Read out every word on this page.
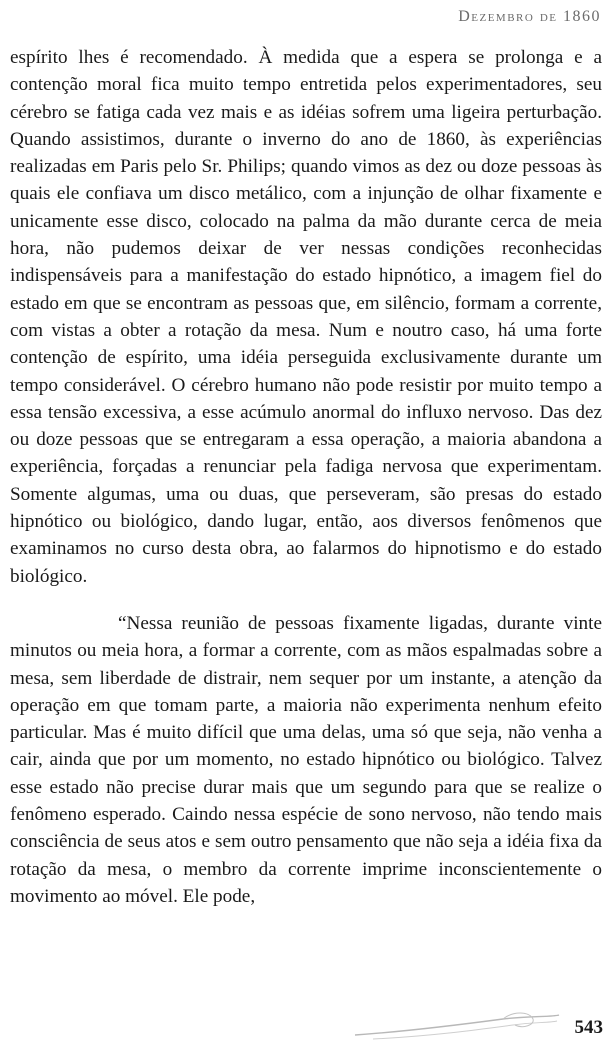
Dezembro de 1860

espírito lhes é recomendado. À medida que a espera se prolonga e a contenção moral fica muito tempo entretida pelos experimentadores, seu cérebro se fatiga cada vez mais e as idéias sofrem uma ligeira perturbação. Quando assistimos, durante o inverno do ano de 1860, às experiências realizadas em Paris pelo Sr. Philips; quando vimos as dez ou doze pessoas às quais ele confiava um disco metálico, com a injunção de olhar fixamente e unicamente esse disco, colocado na palma da mão durante cerca de meia hora, não pudemos deixar de ver nessas condições reconhecidas indispensáveis para a manifestação do estado hipnótico, a imagem fiel do estado em que se encontram as pessoas que, em silêncio, formam a corrente, com vistas a obter a rotação da mesa. Num e noutro caso, há uma forte contenção de espírito, uma idéia perseguida exclusivamente durante um tempo considerável. O cérebro humano não pode resistir por muito tempo a essa tensão excessiva, a esse acúmulo anormal do influxo nervoso. Das dez ou doze pessoas que se entregaram a essa operação, a maioria abandona a experiência, forçadas a renunciar pela fadiga nervosa que experimentam. Somente algumas, uma ou duas, que perseveram, são presas do estado hipnótico ou biológico, dando lugar, então, aos diversos fenômenos que examinamos no curso desta obra, ao falarmos do hipnotismo e do estado biológico.

“Nessa reunião de pessoas fixamente ligadas, durante vinte minutos ou meia hora, a formar a corrente, com as mãos espalmadas sobre a mesa, sem liberdade de distrair, nem sequer por um instante, a atenção da operação em que tomam parte, a maioria não experimenta nenhum efeito particular. Mas é muito difícil que uma delas, uma só que seja, não venha a cair, ainda que por um momento, no estado hipnótico ou biológico. Talvez esse estado não precise durar mais que um segundo para que se realize o fenômeno esperado. Caindo nessa espécie de sono nervoso, não tendo mais consciência de seus atos e sem outro pensamento que não seja a idéia fixa da rotação da mesa, o membro da corrente imprime inconscientemente o movimento ao móvel. Ele pode,

543
